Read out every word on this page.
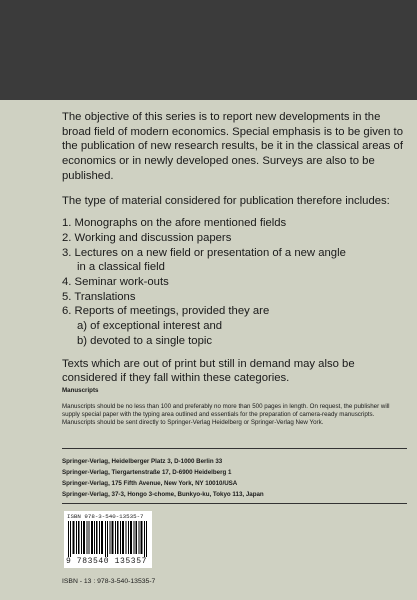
The objective of this series is to report new developments in the broad field of modern economics. Special emphasis is to be given to the publication of new research results, be it in the classical areas of economics or in newly developed ones. Surveys are also to be published.

The type of material considered for publication therefore includes:

1. Monographs on the afore mentioned fields
2. Working and discussion papers
3. Lectures on a new field or presentation of a new angle
in a classical field
4. Seminar work-outs
5. Translations
6. Reports of meetings, provided they are
a) of exceptional interest and
b) devoted to a single topic

Texts which are out of print but still in demand may also be considered if they fall within these categories.

Manuscripts

Manuscripts should be no less than 100 and preferably no more than 500 pages in length. On request, the publisher will supply special paper with the typing area outlined and essentials for the preparation of camera-ready manuscripts. Manuscripts should be sent directly to Springer-Verlag Heidelberg or Springer-Verlag New York.

Springer-Verlag, Heidelberger Platz 3, D-1000 Berlin 33

Springer-Verlag, Tiergartenstraße 17, D-6900 Heidelberg 1

Springer-Verlag, 175 Fifth Avenue, New York, NY 10010/USA

Springer-Verlag, 37-3, Hongo 3-chome, Bunkyo-ku, Tokyo 113, Japan

ISBN 978-3-540-13535-7
9 783540 135357

ISBN - 13 : 978-3-540-13535-7
